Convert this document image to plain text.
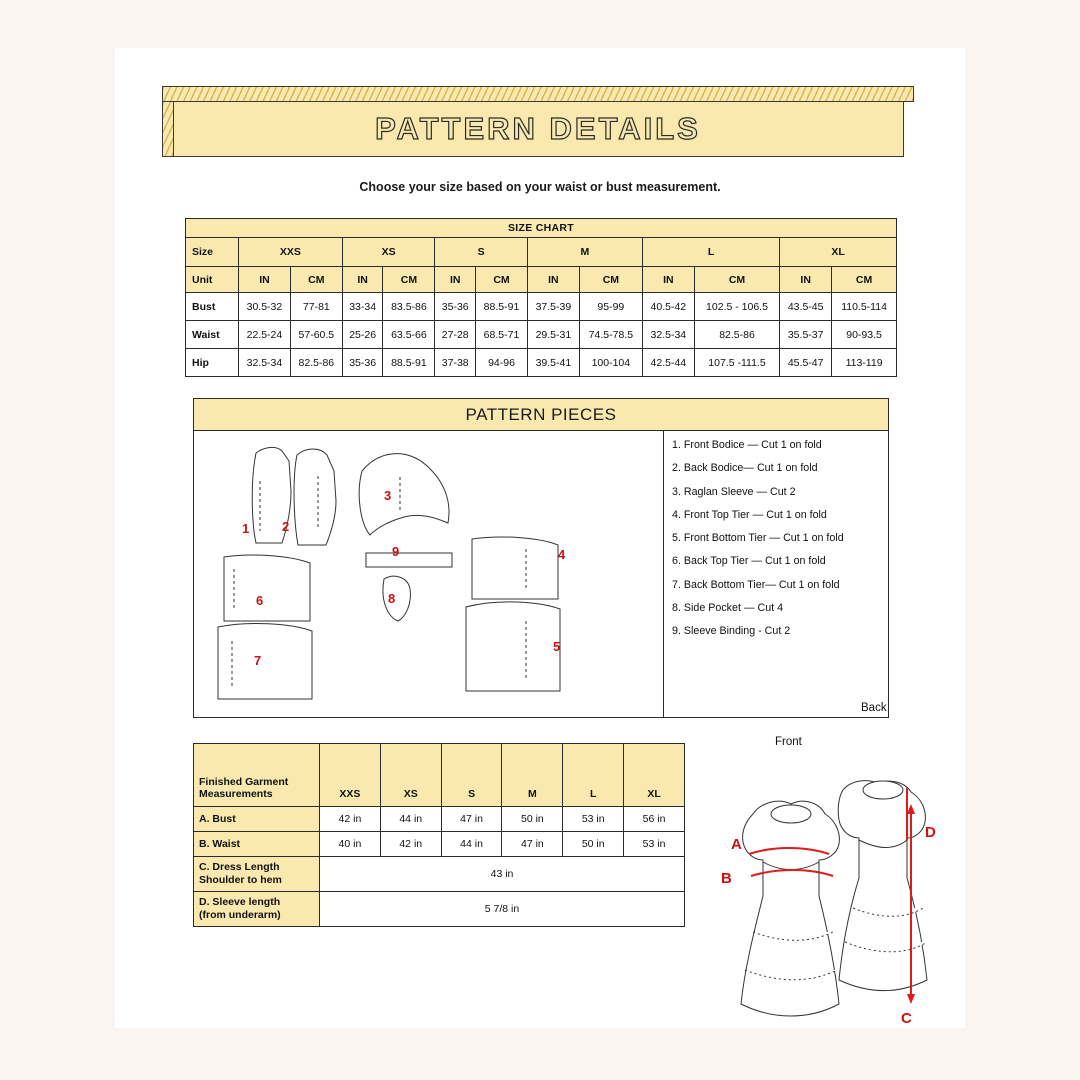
PATTERN DETAILS
Choose your size based on your waist or bust measurement.
SIZE CHART												
Size	XXS		XS		S		M		L		XL	
Unit	IN	CM	IN	CM	IN	CM	IN	CM	IN	CM	IN	CM
Bust	30.5-32	77-81	33-34	83.5-86	35-36	88.5-91	37.5-39	95-99	40.5-42	102.5 - 106.5	43.5-45	110.5-114
Waist	22.5-24	57-60.5	25-26	63.5-66	27-28	68.5-71	29.5-31	74.5-78.5	32.5-34	82.5-86	35.5-37	90-93.5
Hip	32.5-34	82.5-86	35-36	88.5-91	37-38	94-96	39.5-41	100-104	42.5-44	107.5 -111.5	45.5-47	113-119
PATTERN PIECES
1	2
3
4
5
6
7
8
9
1. Front Bodice — Cut 1 on fold
2. Back Bodice— Cut 1 on fold
3. Raglan Sleeve — Cut 2
4. Front Top Tier — Cut 1 on fold
5. Front Bottom Tier — Cut 1 on fold
6. Back Top Tier — Cut 1 on fold
7. Back Bottom Tier— Cut 1 on fold
8. Side Pocket — Cut 4
9. Sleeve Binding - Cut 2
Finished Garment
Measurements	XXS	XS	S	M	L	XL
A. Bust	42 in	44 in	47 in	50 in	53 in	56 in
B. Waist	40 in	42 in	44 in	47 in	50 in	53 in
C. Dress Length
Shoulder to hem	43 in					
D. Sleeve length
(from underarm)	5 7/8 in					
Front
Back
A
B
C
D
